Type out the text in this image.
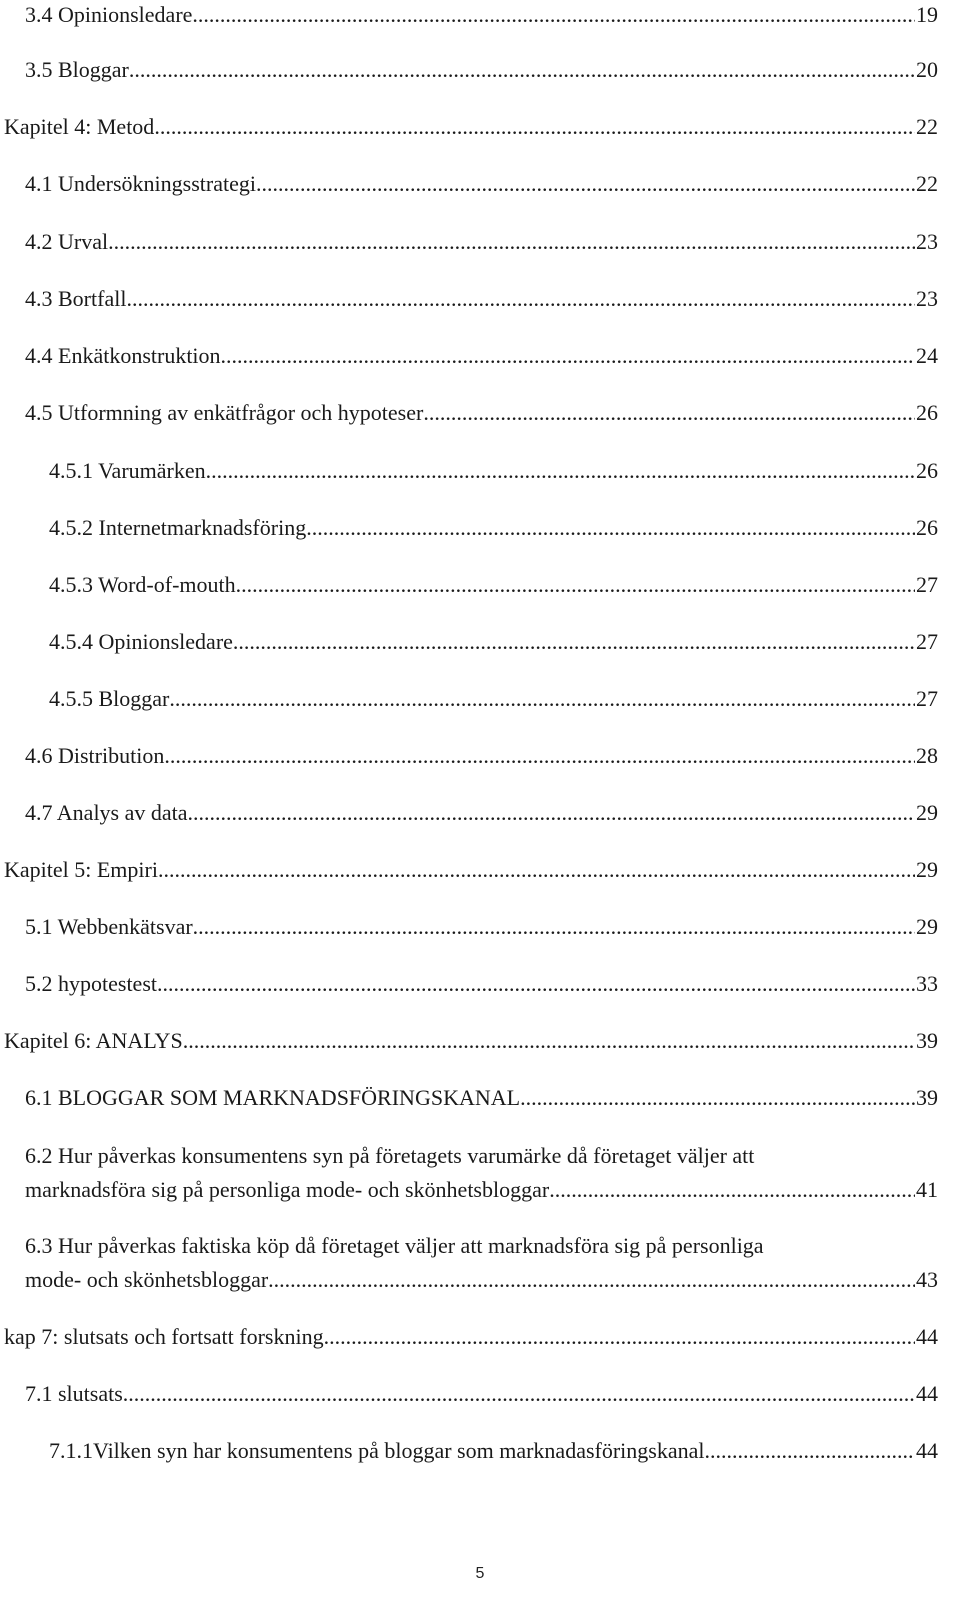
3.4 Opinionsledare .....	19
3.5 Bloggar .....	20
Kapitel 4: Metod .....	22
4.1 Undersökningsstrategi .....	22
4.2 Urval .....	23
4.3 Bortfall .....	23
4.4 Enkätkonstruktion .....	24
4.5 Utformning av enkätfrågor och hypoteser .....	26
4.5.1 Varumärken .....	26
4.5.2 Internetmarknadsföring .....	26
4.5.3 Word-of-mouth .....	27
4.5.4 Opinionsledare .....	27
4.5.5 Bloggar .....	27
4.6 Distribution .....	28
4.7 Analys av data .....	29
Kapitel 5: Empiri .....	29
5.1 Webbenkätsvar .....	29
5.2 hypotestest .....	33
Kapitel 6: ANALYS .....	39
6.1 BLOGGAR SOM MARKNADSFÖRINGSKANAL .....	39
6.2 Hur påverkas konsumentens syn på företagets varumärke då företaget väljer att
marknadsföra sig på personliga mode- och skönhetsbloggar .....	41
6.3 Hur påverkas faktiska köp då företaget väljer att marknadsföra sig på personliga
mode- och skönhetsbloggar .....	43
kap 7: slutsats och fortsatt forskning .....	44
7.1 slutsats .....	44
7.1.1Vilken syn har konsumentens på bloggar som marknadasföringskanal .....	44
5
